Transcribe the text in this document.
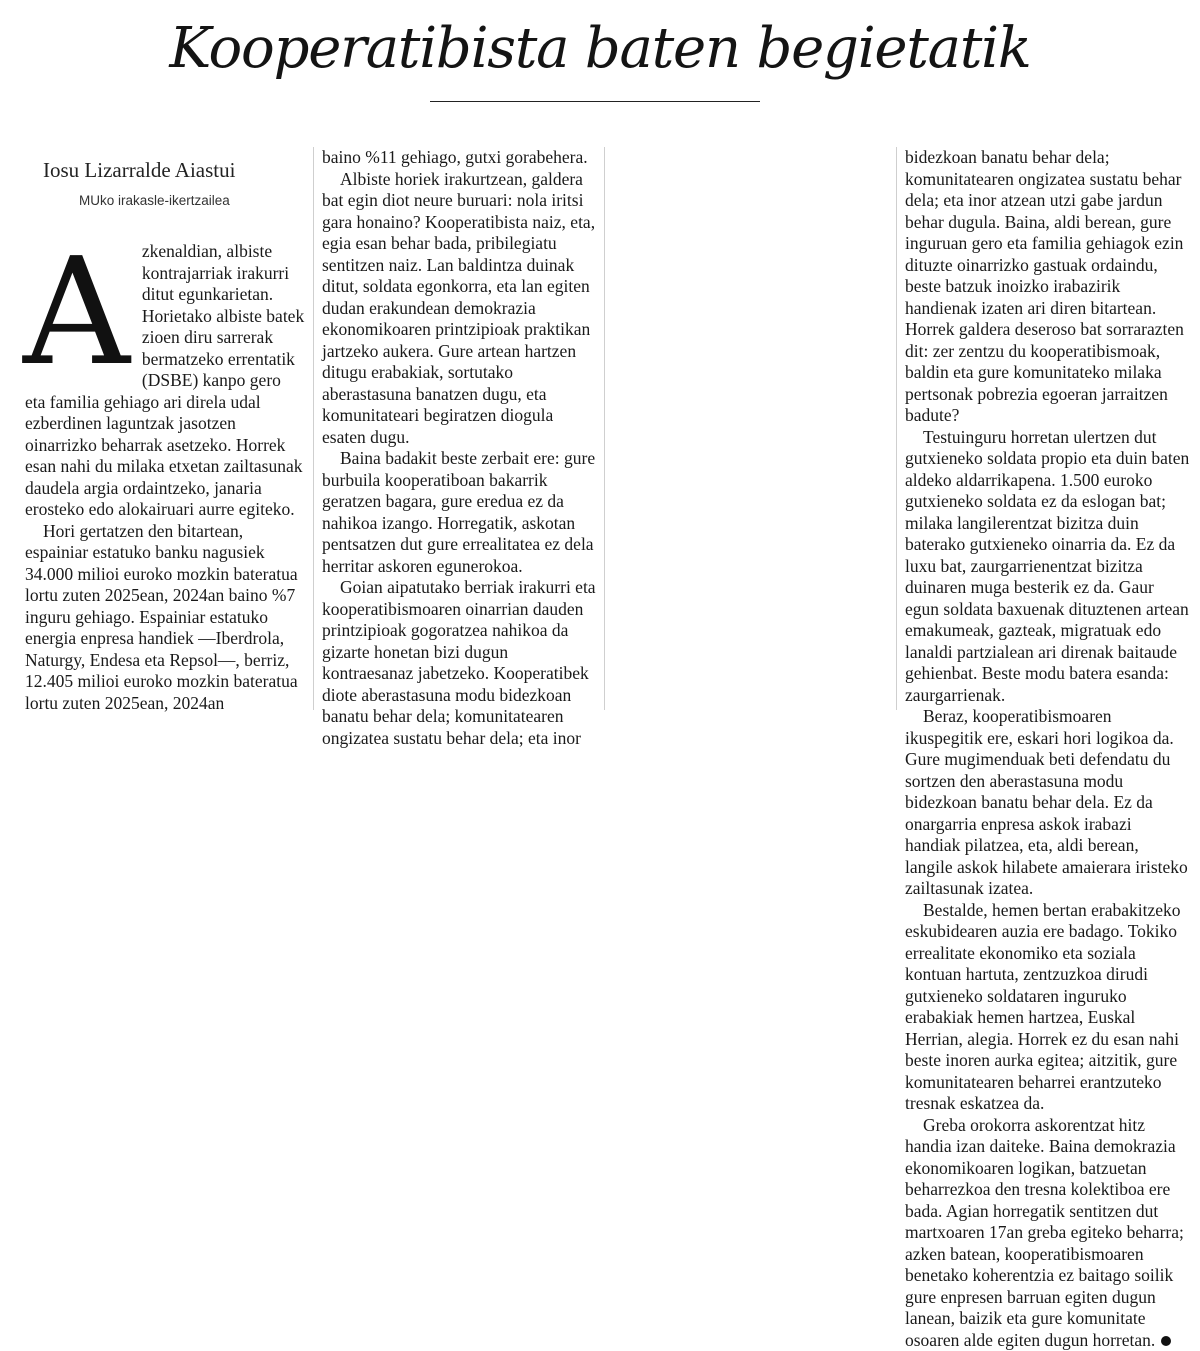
Kooperatibista baten begietatik
Iosu Lizarralde Aiastui
MUko irakasle-ikertzailea
A zkenaldian, albiste kontrajarriak irakurri ditut egunkarietan. Horietako albiste batek zioen diru sarrerak bermatzeko errentatik (DSBE) kanpo gero eta familia gehiago ari direla udal ezberdinen laguntzak jasotzen oinarrizko beharrak asetzeko. Horrek esan nahi du milaka etxetan zailtasunak daudela argia ordaintzeko, janaria erosteko edo alokairuari aurre egiteko.

Hori gertatzen den bitartean, espainiar estatuko banku nagusiek 34.000 milioi euroko mozkin bateratua lortu zuten 2025ean, 2024an baino %7 inguru gehiago. Espainiar estatuko energia enpresa handiek —Iberdrola, Naturgy, Endesa eta Repsol—, berriz, 12.405 milioi euroko mozkin bateratua lortu zuten 2025ean, 2024an

baino %11 gehiago, gutxi gorabehera.

Albiste horiek irakurtzean, galdera bat egin diot neure buruari: nola iritsi gara honaino? Kooperatibista naiz, eta, egia esan behar bada, pribilegiatu sentitzen naiz. Lan baldintza duinak ditut, soldata egonkorra, eta lan egiten dudan erakundean demokrazia ekonomikoaren printzipioak praktikan jartzeko aukera. Gure artean hartzen ditugu erabakiak, sortutako aberastasuna banatzen dugu, eta komunitateari begiratzen diogula esaten dugu.

Baina badakit beste zerbait ere: gure burbuila kooperatiboan bakarrik geratzen bagara, gure eredua ez da nahikoa izango. Horregatik, askotan pentsatzen dut gure errealitatea ez dela herritar askoren egunerokoa.

Goian aipatutako berriak irakurri eta kooperatibismoaren oinarrian dauden printzipioak gogoratzea nahikoa da gizarte honetan bizi dugun kontraesanaz jabetzeko. Kooperatibek diote aberastasuna modu bidezkoan banatu behar dela; komunitatearen ongizatea sustatu behar dela; eta inor

bidezkoan banatu behar dela; komunitatearen ongizatea sustatu behar dela; eta inor atzean utzi gabe jardun behar dugula. Baina, aldi berean, gure inguruan gero eta familia gehiagok ezin dituzte oinarrizko gastuak ordaindu, beste batzuk inoizko irabazirik handienak izaten ari diren bitartean. Horrek galdera deseroso bat sorrarazten dit: zer zentzu du kooperatibismoak, baldin eta gure komunitateko milaka pertsonak pobrezia egoeran jarraitzen badute?

Testuinguru horretan ulertzen dut gutxieneko soldata propio eta duin baten aldeko aldarrikapena. 1.500 euroko gutxieneko soldata ez da eslogan bat; milaka langilerentzat bizitza duin baterako gutxieneko oinarria da. Ez da luxu bat, zaurgarrienentzat bizitza duinaren muga besterik ez da. Gaur egun soldata baxuenak dituztenen artean emakumeak, gazteak, migratuak edo lanaldi partzialean ari direnak baitaude gehienbat. Beste modu batera esanda: zaurgarrienak.

Beraz, kooperatibismoaren ikuspegitik ere, eskari hori logikoa da. Gure mugimenduak beti defendatu du sortzen den aberastasuna modu bidezkoan banatu behar dela. Ez da onargarria enpresa askok irabazi handiak pilatzea, eta, aldi berean, langile askok hilabete amaierara iristeko zailtasunak izatea.

Bestalde, hemen bertan erabakitzeko eskubidearen auzia ere badago. Tokiko errealitate ekonomiko eta soziala kontuan hartuta, zentzuzkoa dirudi gutxieneko soldataren inguruko erabakiak hemen hartzea, Euskal Herrian, alegia. Horrek ez du esan nahi beste inoren aurka egitea; aitzitik, gure komunitatearen beharrei erantzuteko tresnak eskatzea da.

Greba orokorra askorentzat hitz handia izan daiteke. Baina demokrazia ekonomikoaren logikan, batzuetan beharrezkoa den tresna kolektiboa ere bada. Agian horregatik sentitzen dut martxoaren 17an greba egiteko beharra; azken batean, kooperatibismoaren benetako koherentzia ez baitago soilik gure enpresen barruan egiten dugun lanean, baizik eta gure komunitate osoaren alde egiten dugun horretan.
